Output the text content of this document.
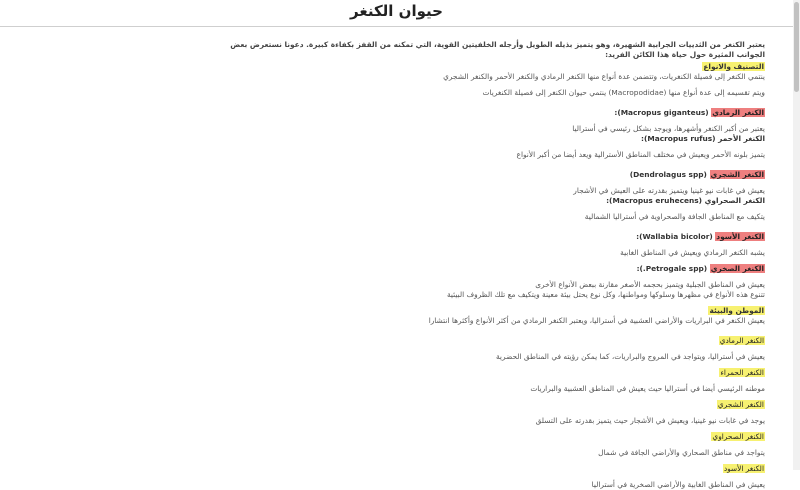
حيوان الكنغر
يعتبر الكنغر من الثدييات الجرابية الشهيرة، وهو يتميز بذيله الطويل وأرجله الخلفيتين القوية، التي تمكنه من القفز بكفاءة كبيرة. دعونا نستعرض بعض
الجوانب المثيرة حول حياة هذا الكائن الفريد:
التصنيف والانواع
ينتمي الكنغر إلى فصيلة الكنغريات، وتتضمن عدة أنواع منها الكنغر الرمادي والكنغر الأحمر والكنغر الشجري
ويتم تقسيمه إلى عدة أنواع منها (Macropodidae) ينتمي حيوان الكنغر إلى فصيلة الكنغريات
الكنغر الرمادي (Macropus giganteus):
يعتبر من أكبر الكنغر وأشهرها، ويوجد بشكل رئيسي في أستراليا
الكنغر الأحمر (Macropus rufus):
يتميز بلونه الأحمر ويعيش في مختلف المناطق الأسترالية ويعد أيضا من أكبر الأنواع
الكنغر الشجري (Dendrolagus spp)
يعيش في غابات نيو غينيا ويتميز بقدرته على العيش في الأشجار
الكنغر الصحراوي (Macropus eruhecens):
يتكيف مع المناطق الجافة والصحراوية في أستراليا الشمالية
الكنغر الأسود (Wallabia bicolor):
يشبه الكنغر الرمادي ويعيش في المناطق الغابية
الكنغر الصخري (Petrogale spp.):
يعيش في المناطق الجبلية ويتميز بحجمه الأصغر مقارنة ببعض الأنواع الأخرى
تتنوع هذه الأنواع في مظهرها وسلوكها ومواطنها، وكل نوع يحتل بيئة معينة ويتكيف مع تلك الظروف البيئية
الموطن والبيئة
يعيش الكنغر في البراريات والأراضي العشبية في أستراليا، ويعتبر الكنغر الرمادي من أكثر الأنواع وأكثرها انتشارا
الكنغر الرمادي
يعيش في أستراليا، ويتواجد في المروج والبراريات، كما يمكن رؤيته في المناطق الحضرية
الكنغر الحمراء
موطنه الرئيسي أيضا في أستراليا حيث يعيش في المناطق العشبية والبراريات
الكنغر الشجري
يوجد في غابات نيو غينيا، ويعيش في الأشجار حيث يتميز بقدرته على التسلق
الكنغر الصحراوي
يتواجد في مناطق الصحاري والأراضي الجافة في شمال
الكنغر الأسود
يعيش في المناطق الغابية والأراضي الصخرية في أستراليا
